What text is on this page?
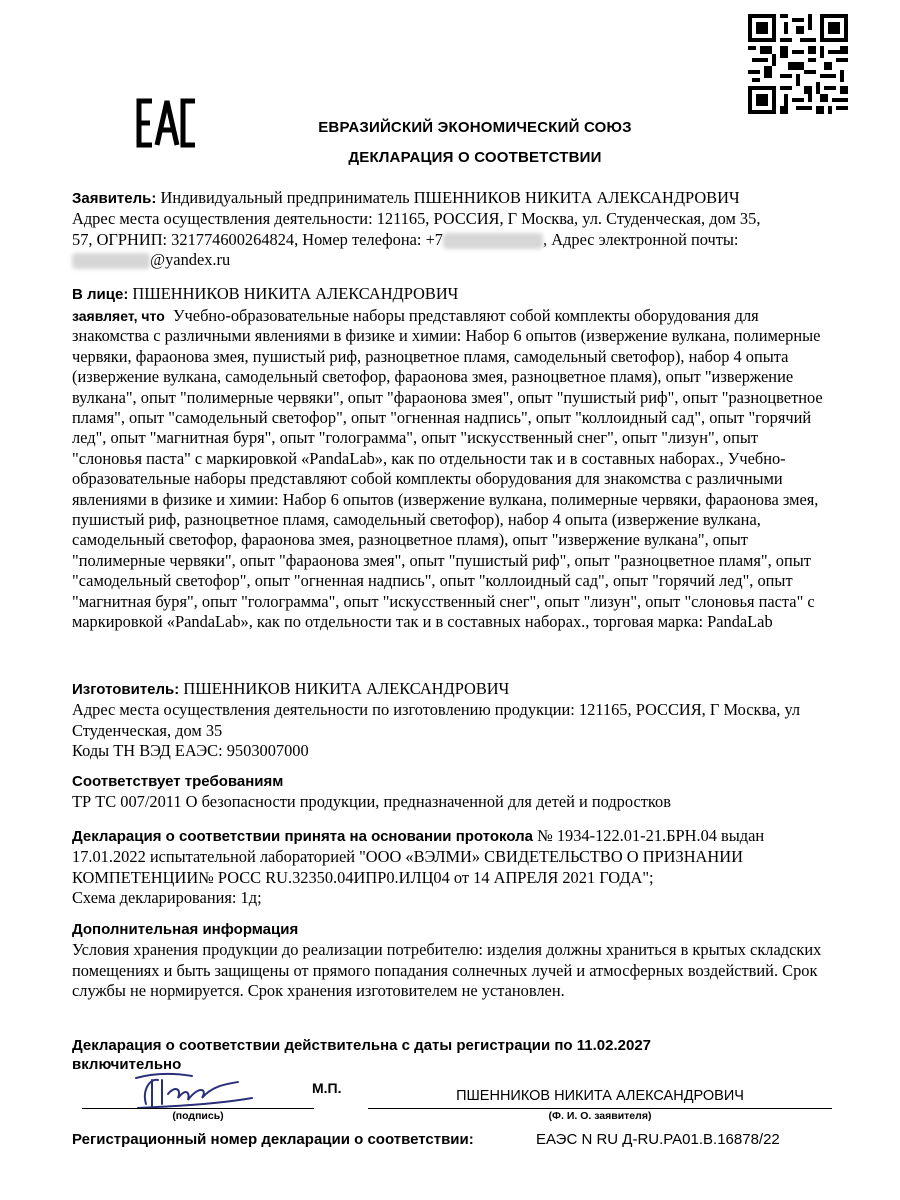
ЕВРАЗИЙСКИЙ ЭКОНОМИЧЕСКИЙ СОЮЗ
ДЕКЛАРАЦИЯ О СООТВЕТСТВИИ
Заявитель: Индивидуальный предприниматель ПШЕННИКОВ НИКИТА АЛЕКСАНДРОВИЧ
Адрес места осуществления деятельности: 121165, РОССИЯ, Г Москва, ул. Студенческая, дом 35,
57, ОГРНИП: 321774600264824, Номер телефона: +7	, Адрес электронной почты:
@yandex.ru
В лице: ПШЕННИКОВ НИКИТА АЛЕКСАНДРОВИЧ
заявляет, что Учебно-образовательные наборы представляют собой комплекты оборудования для знакомства с различными явлениями в физике и химии: Набор 6 опытов (извержение вулкана, полимерные червяки, фараонова змея, пушистый риф, разноцветное пламя, самодельный светофор), набор 4 опыта (извержение вулкана, самодельный светофор, фараонова змея, разноцветное пламя), опыт "извержение вулкана", опыт "полимерные червяки", опыт "фараонова змея", опыт "пушистый риф", опыт "разноцветное пламя", опыт "самодельный светофор", опыт "огненная надпись", опыт "коллоидный сад", опыт "горячий лед", опыт "магнитная буря", опыт "голограмма", опыт "искусственный снег", опыт "лизун", опыт "слоновья паста" с маркировкой «PandaLab», как по отдельности так и в составных наборах., Учебно-образовательные наборы представляют собой комплекты оборудования для знакомства с различными явлениями в физике и химии: Набор 6 опытов (извержение вулкана, полимерные червяки, фараонова змея, пушистый риф, разноцветное пламя, самодельный светофор), набор 4 опыта (извержение вулкана, самодельный светофор, фараонова змея, разноцветное пламя), опыт "извержение вулкана", опыт "полимерные червяки", опыт "фараонова змея", опыт "пушистый риф", опыт "разноцветное пламя", опыт "самодельный светофор", опыт "огненная надпись", опыт "коллоидный сад", опыт "горячий лед", опыт "магнитная буря", опыт "голограмма", опыт "искусственный снег", опыт "лизун", опыт "слоновья паста" с маркировкой «PandaLab», как по отдельности так и в составных наборах., торговая марка: PandaLab
Изготовитель: ПШЕННИКОВ НИКИТА АЛЕКСАНДРОВИЧ
Адрес места осуществления деятельности по изготовлению продукции: 121165, РОССИЯ, Г Москва, ул Студенческая, дом 35
Коды ТН ВЭД ЕАЭС: 9503007000
Соответствует требованиям
ТР ТС 007/2011 О безопасности продукции, предназначенной для детей и подростков
Декларация о соответствии принята на основании протокола № 1934-122.01-21.БРН.04 выдан 17.01.2022 испытательной лабораторией "ООО «ВЭЛМИ» СВИДЕТЕЛЬСТВО О ПРИЗНАНИИ КОМПЕТЕНЦИИ№ РОСС RU.32350.04ИПР0.ИЛЦ04 от 14 АПРЕЛЯ 2021 ГОДА";
Схема декларирования: 1д;
Дополнительная информация
Условия хранения продукции до реализации потребителю: изделия должны храниться в крытых складских помещениях и быть защищены от прямого попадания солнечных лучей и атмосферных воздействий. Срок службы не нормируется. Срок хранения изготовителем не установлен.
Декларация о соответствии действительна с даты регистрации по 11.02.2027 включительно
М.П.	ПШЕННИКОВ НИКИТА АЛЕКСАНДРОВИЧ
(подпись)	(Ф. И. О. заявителя)
Регистрационный номер декларации о соответствии:	ЕАЭС N RU Д-RU.PA01.B.16878/22
